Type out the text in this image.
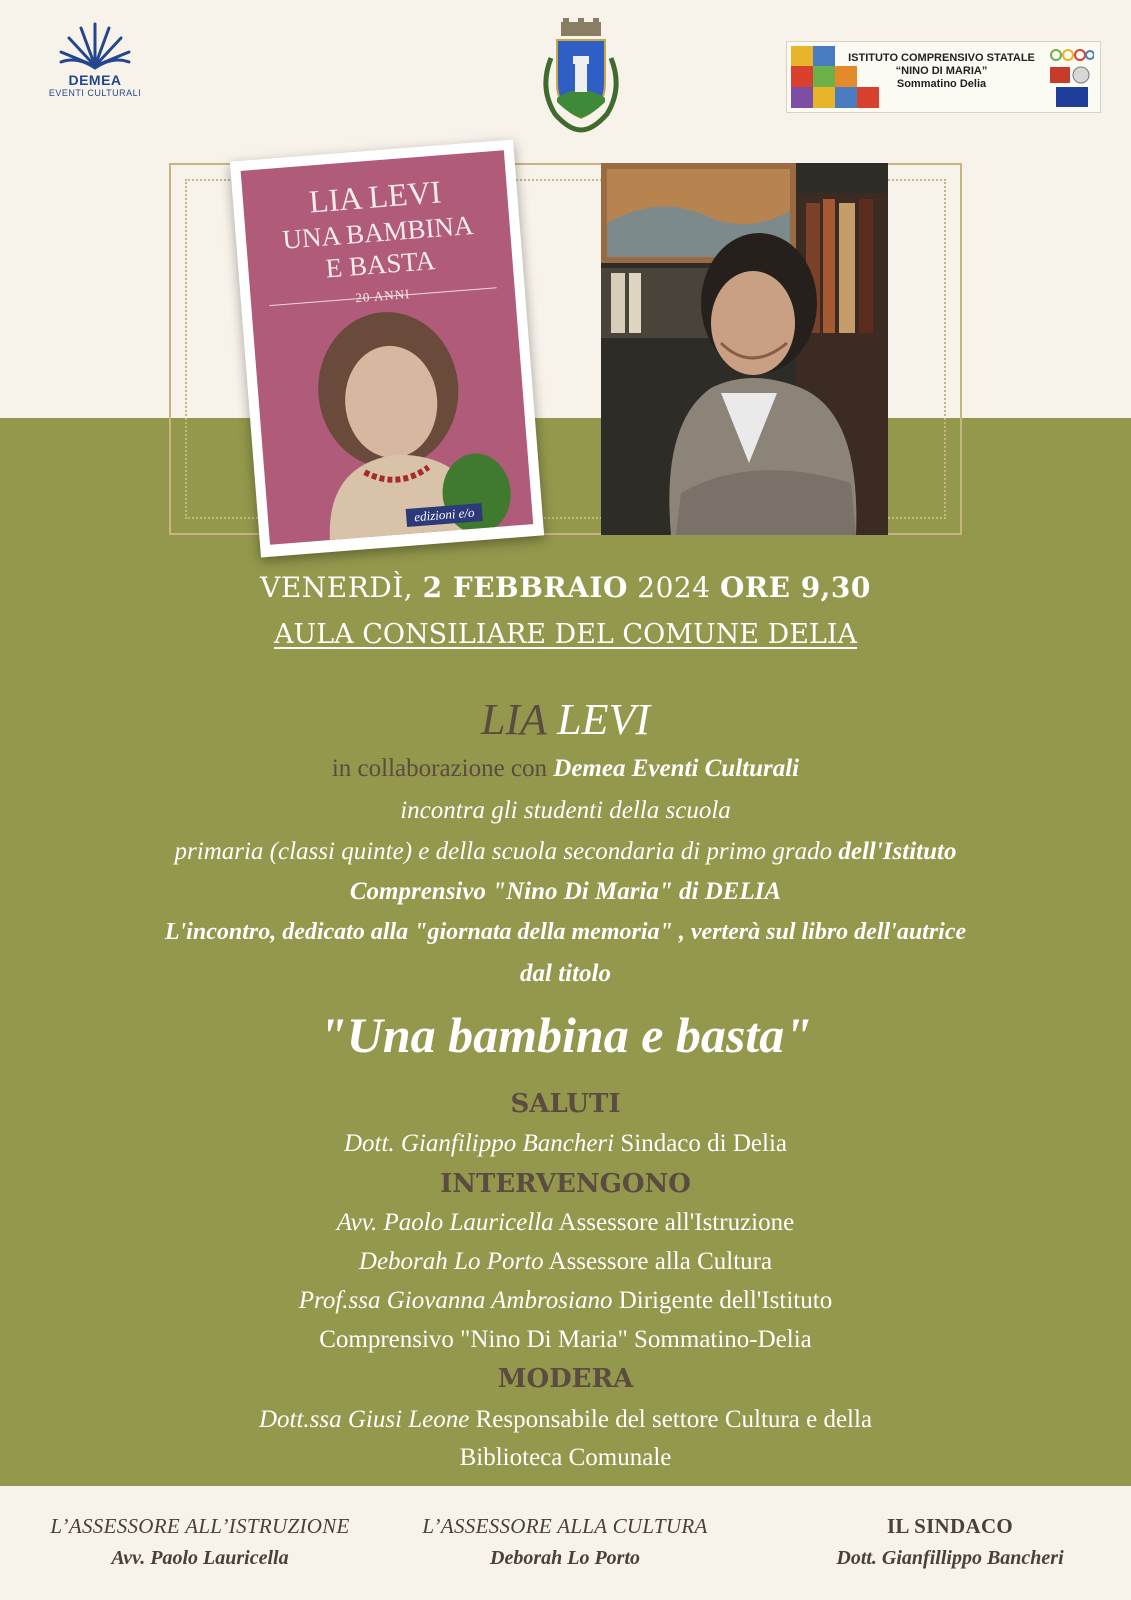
DEMEA
EVENTI CULTURALI
ISTITUTO COMPRENSIVO STATALE
“NINO DI MARIA”
Sommatino Delia
LIA LEVI
UNA BAMBINA
E BASTA
20 ANNI
edizioni e/o

VENERDÌ, 2 FEBBRAIO 2024 ORE 9,30

AULA CONSILIARE DEL COMUNE DELIA

LIA LEVI

in collaborazione con Demea Eventi Culturali

incontra gli studenti della scuola

primaria (classi quinte) e della scuola secondaria di primo grado dell'Istituto

Comprensivo "Nino Di Maria" di DELIA

L'incontro, dedicato alla "giornata della memoria" , verterà sul libro dell'autrice

dal titolo

"Una bambina e basta"

SALUTI

Dott. Gianfilippo Bancheri Sindaco di Delia

INTERVENGONO

Avv. Paolo Lauricella Assessore all'Istruzione

Deborah Lo Porto Assessore alla Cultura

Prof.ssa Giovanna Ambrosiano Dirigente dell'Istituto

Comprensivo "Nino Di Maria" Sommatino-Delia

MODERA

Dott.ssa Giusi Leone Responsabile del settore Cultura e della

Biblioteca Comunale

L’ASSESSORE ALL’ISTRUZIONE
Avv. Paolo Lauricella
L’ASSESSORE ALLA CULTURA
Deborah Lo Porto
IL SINDACO
Dott. Gianfillippo Bancheri
